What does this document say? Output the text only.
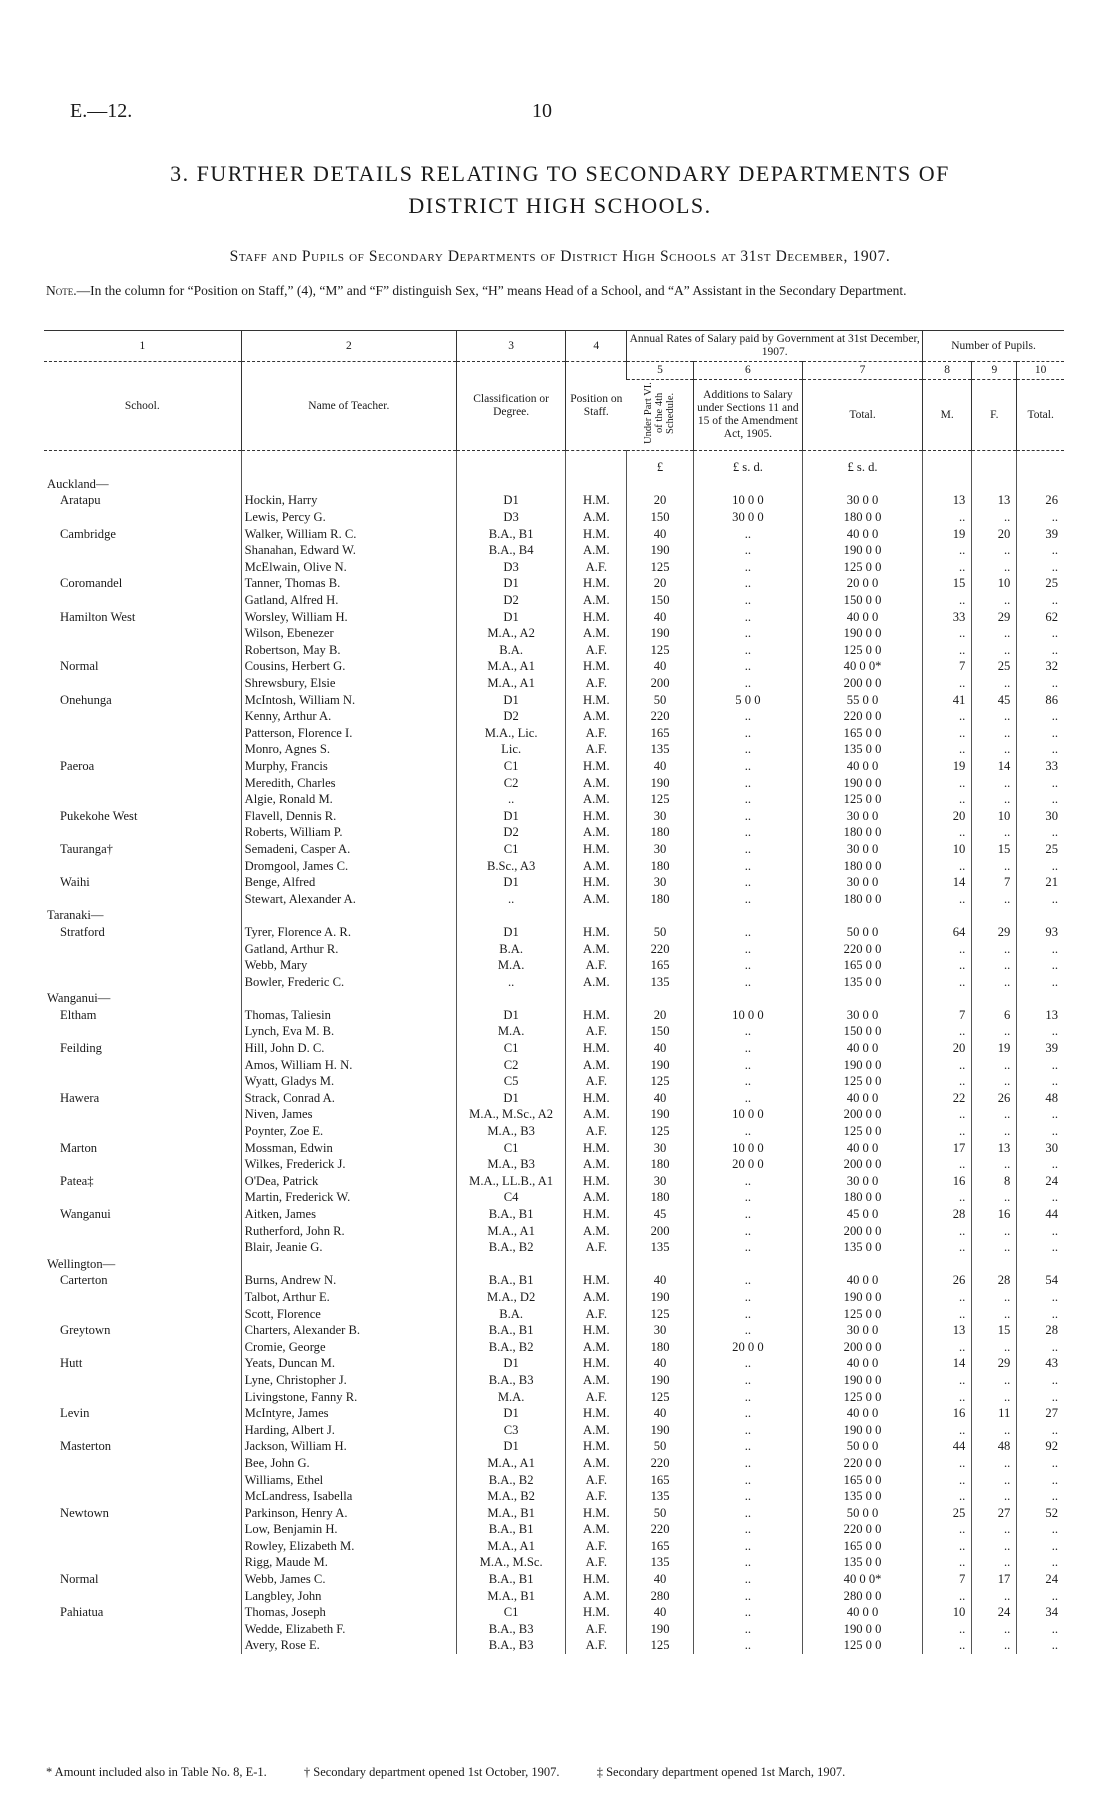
E.—12.	10
3. FURTHER DETAILS RELATING TO SECONDARY DEPARTMENTS OF
DISTRICT HIGH SCHOOLS.
Staff and Pupils of Secondary Departments of District High Schools at 31st December, 1907.
Note.—In the column for “Position on Staff,” (4), “M” and “F” distinguish Sex, “H” means Head of a School, and “A” Assistant in the Secondary Department.
1	2	3	4	Annual Rates of Salary paid by Government at 31st December, 1907.			Number of Pupils.		
School.	Name of Teacher.	Classification or Degree.	Position on Staff.	5	6	7	8	9	10
				Under Part VI. of the 4th Schedule.	Additions to Salary under Sections 11 and 15 of the Amendment Act, 1905.	Total.	M.	F.	Total.
				£	£ s. d.	£ s. d.			
Auckland—									
Aratapu	Hockin, Harry	D1	H.M.	20	10 0 0	30 0 0	13	13	26
	Lewis, Percy G.	D3	A.M.	150	30 0 0	180 0 0	..	..	..
Cambridge	Walker, William R. C.	B.A., B1	H.M.	40	..	40 0 0	19	20	39
	Shanahan, Edward W.	B.A., B4	A.M.	190	..	190 0 0	..	..	..
	McElwain, Olive N.	D3	A.F.	125	..	125 0 0	..	..	..
Coromandel	Tanner, Thomas B.	D1	H.M.	20	..	20 0 0	15	10	25
	Gatland, Alfred H.	D2	A.M.	150	..	150 0 0	..	..	..
Hamilton West	Worsley, William H.	D1	H.M.	40	..	40 0 0	33	29	62
	Wilson, Ebenezer	M.A., A2	A.M.	190	..	190 0 0	..	..	..
	Robertson, May B.	B.A.	A.F.	125	..	125 0 0	..	..	..
Normal	Cousins, Herbert G.	M.A., A1	H.M.	40	..	40 0 0*	7	25	32
	Shrewsbury, Elsie	M.A., A1	A.F.	200	..	200 0 0	..	..	..
Onehunga	McIntosh, William N.	D1	H.M.	50	5 0 0	55 0 0	41	45	86
	Kenny, Arthur A.	D2	A.M.	220	..	220 0 0	..	..	..
	Patterson, Florence I.	M.A., Lic.	A.F.	165	..	165 0 0	..	..	..
	Monro, Agnes S.	Lic.	A.F.	135	..	135 0 0	..	..	..
Paeroa	Murphy, Francis	C1	H.M.	40	..	40 0 0	19	14	33
	Meredith, Charles	C2	A.M.	190	..	190 0 0	..	..	..
	Algie, Ronald M.	..	A.M.	125	..	125 0 0	..	..	..
Pukekohe West	Flavell, Dennis R.	D1	H.M.	30	..	30 0 0	20	10	30
	Roberts, William P.	D2	A.M.	180	..	180 0 0	..	..	..
Tauranga†	Semadeni, Casper A.	C1	H.M.	30	..	30 0 0	10	15	25
	Dromgool, James C.	B.Sc., A3	A.M.	180	..	180 0 0	..	..	..
Waihi	Benge, Alfred	D1	H.M.	30	..	30 0 0	14	7	21
	Stewart, Alexander A.	..	A.M.	180	..	180 0 0	..	..	..
Taranaki—									
Stratford	Tyrer, Florence A. R.	D1	H.M.	50	..	50 0 0	64	29	93
	Gatland, Arthur R.	B.A.	A.M.	220	..	220 0 0	..	..	..
	Webb, Mary	M.A.	A.F.	165	..	165 0 0	..	..	..
	Bowler, Frederic C.	..	A.M.	135	..	135 0 0	..	..	..
Wanganui—									
Eltham	Thomas, Taliesin	D1	H.M.	20	10 0 0	30 0 0	7	6	13
	Lynch, Eva M. B.	M.A.	A.F.	150	..	150 0 0	..	..	..
Feilding	Hill, John D. C.	C1	H.M.	40	..	40 0 0	20	19	39
	Amos, William H. N.	C2	A.M.	190	..	190 0 0	..	..	..
	Wyatt, Gladys M.	C5	A.F.	125	..	125 0 0	..	..	..
Hawera	Strack, Conrad A.	D1	H.M.	40	..	40 0 0	22	26	48
	Niven, James	M.A., M.Sc., A2	A.M.	190	10 0 0	200 0 0	..	..	..
	Poynter, Zoe E.	M.A., B3	A.F.	125	..	125 0 0	..	..	..
Marton	Mossman, Edwin	C1	H.M.	30	10 0 0	40 0 0	17	13	30
	Wilkes, Frederick J.	M.A., B3	A.M.	180	20 0 0	200 0 0	..	..	..
Patea‡	O'Dea, Patrick	M.A., LL.B., A1	H.M.	30	..	30 0 0	16	8	24
	Martin, Frederick W.	C4	A.M.	180	..	180 0 0	..	..	..
Wanganui	Aitken, James	B.A., B1	H.M.	45	..	45 0 0	28	16	44
	Rutherford, John R.	M.A., A1	A.M.	200	..	200 0 0	..	..	..
	Blair, Jeanie G.	B.A., B2	A.F.	135	..	135 0 0	..	..	..
Wellington—									
Carterton	Burns, Andrew N.	B.A., B1	H.M.	40	..	40 0 0	26	28	54
	Talbot, Arthur E.	M.A., D2	A.M.	190	..	190 0 0	..	..	..
	Scott, Florence	B.A.	A.F.	125	..	125 0 0	..	..	..
Greytown	Charters, Alexander B.	B.A., B1	H.M.	30	..	30 0 0	13	15	28
	Cromie, George	B.A., B2	A.M.	180	20 0 0	200 0 0	..	..	..
Hutt	Yeats, Duncan M.	D1	H.M.	40	..	40 0 0	14	29	43
	Lyne, Christopher J.	B.A., B3	A.M.	190	..	190 0 0	..	..	..
	Livingstone, Fanny R.	M.A.	A.F.	125	..	125 0 0	..	..	..
Levin	McIntyre, James	D1	H.M.	40	..	40 0 0	16	11	27
	Harding, Albert J.	C3	A.M.	190	..	190 0 0	..	..	..
Masterton	Jackson, William H.	D1	H.M.	50	..	50 0 0	44	48	92
	Bee, John G.	M.A., A1	A.M.	220	..	220 0 0	..	..	..
	Williams, Ethel	B.A., B2	A.F.	165	..	165 0 0	..	..	..
	McLandress, Isabella	M.A., B2	A.F.	135	..	135 0 0	..	..	..
Newtown	Parkinson, Henry A.	M.A., B1	H.M.	50	..	50 0 0	25	27	52
	Low, Benjamin H.	B.A., B1	A.M.	220	..	220 0 0	..	..	..
	Rowley, Elizabeth M.	M.A., A1	A.F.	165	..	165 0 0	..	..	..
	Rigg, Maude M.	M.A., M.Sc.	A.F.	135	..	135 0 0	..	..	..
Normal	Webb, James C.	B.A., B1	H.M.	40	..	40 0 0*	7	17	24
	Langbley, John	M.A., B1	A.M.	280	..	280 0 0	..	..	..
Pahiatua	Thomas, Joseph	C1	H.M.	40	..	40 0 0	10	24	34
	Wedde, Elizabeth F.	B.A., B3	A.F.	190	..	190 0 0	..	..	..
	Avery, Rose E.	B.A., B3	A.F.	125	..	125 0 0	..	..	..
* Amount included also in Table No. 8, E-1.	† Secondary department opened 1st October, 1907.	‡ Secondary department opened 1st March, 1907.
